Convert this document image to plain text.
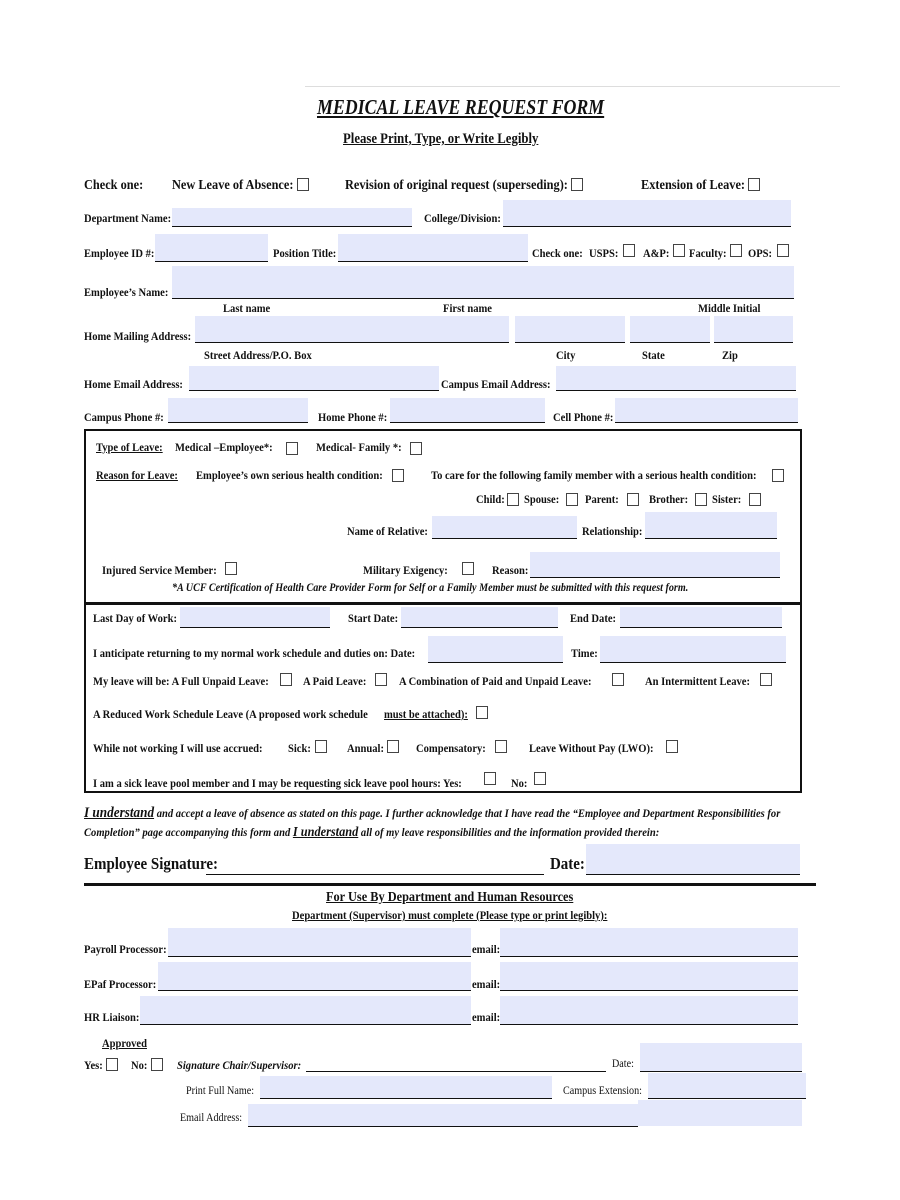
MEDICAL LEAVE REQUEST FORM
Please Print, Type, or Write Legibly
Check one: New Leave of Absence:	Revision of original request (superseding):	Extension of Leave:
Department Name:	College/Division:
Employee ID #:	Position Title:	Check one: USPS: A&P: Faculty: OPS:
Employee’s Name:
Last name	First name	Middle Initial
Home Mailing Address:
Street Address/P.O. Box	City	State	Zip
Home Email Address:	Campus Email Address:
Campus Phone #:	Home Phone #:	Cell Phone #:
Type of Leave: Medical –Employee*:	Medical- Family *:
Reason for Leave: Employee’s own serious health condition:	To care for the following family member with a serious health condition:
Child: Spouse: Parent:	Brother: Sister:
Name of Relative:	Relationship:
Injured Service Member:	Military Exigency:	Reason:
*A UCF Certification of Health Care Provider Form for Self or a Family Member must be submitted with this request form.
Last Day of Work:	Start Date:	End Date:
I anticipate returning to my normal work schedule and duties on: Date:	Time:
My leave will be: A Full Unpaid Leave:	A Paid Leave:	A Combination of Paid and Unpaid Leave:	An Intermittent Leave:
A Reduced Work Schedule Leave (A proposed work schedule must be attached):
While not working I will use accrued: Sick:	Annual:	Compensatory:	Leave Without Pay (LWO):
I am a sick leave pool member and I may be requesting sick leave pool hours: Yes:	No:
I understand and accept a leave of absence as stated on this page. I further acknowledge that I have read the “Employee and Department Responsibilities for
Completion” page accompanying this form and I understand all of my leave responsibilities and the information provided therein:
Employee Signature:	Date:
For Use By Department and Human Resources
Department (Supervisor) must complete (Please type or print legibly):
Payroll Processor:	email:
EPaf Processor:	email:
HR Liaison:	email:
Approved
Yes: No: Signature Chair/Supervisor:	Date:
Print Full Name:	Campus Extension:
Email Address:
